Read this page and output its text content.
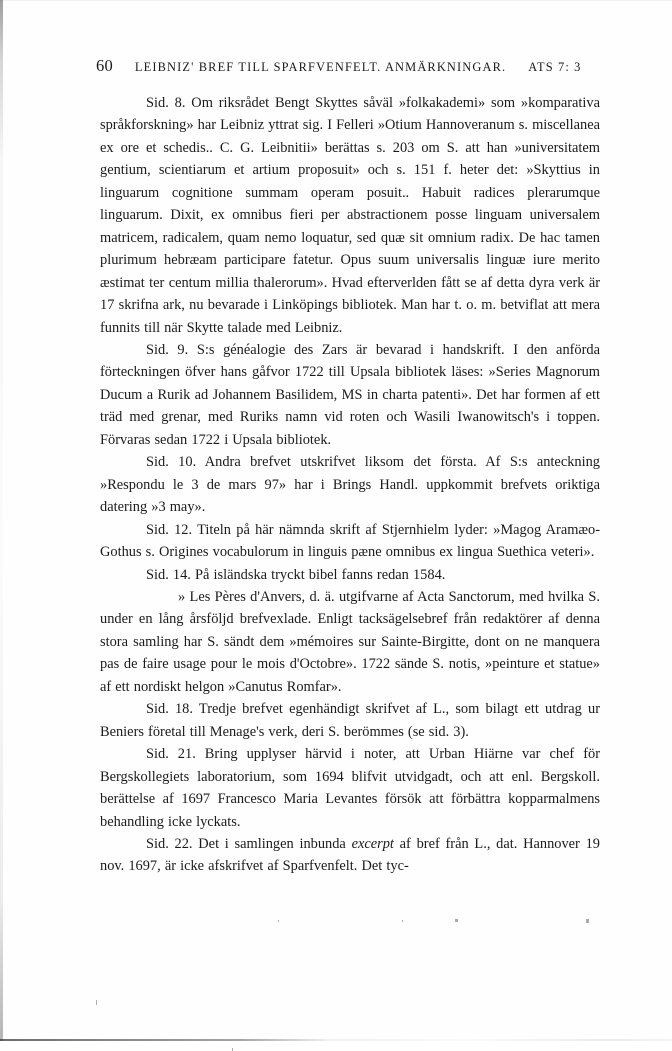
60 LEIBNIZ' BREF TILL SPARFVENFELT. ANMÄRKNINGAR. ATS 7: 3

Sid. 8. Om riksrådet Bengt Skyttes såväl »folkakademi» som »komparativa språkforskning» har Leibniz yttrat sig. I Felleri »Otium Hannoveranum s. miscellanea ex ore et schedis.. C. G. Leibnitii» berättas s. 203 om S. att han »universitatem gentium, scientiarum et artium proposuit» och s. 151 f. heter det: »Skyttius in linguarum cognitione summam operam posuit.. Habuit radices plerarumque linguarum. Dixit, ex omnibus fieri per abstractionem posse linguam universalem matricem, radicalem, quam nemo loquatur, sed quæ sit omnium radix. De hac tamen plurimum hebræam participare fatetur. Opus suum universalis linguæ iure merito æstimat ter centum millia thalerorum». Hvad efterverlden fått se af detta dyra verk är 17 skrifna ark, nu bevarade i Linköpings bibliotek. Man har t. o. m. betviflat att mera funnits till när Skytte talade med Leibniz.

Sid. 9. S:s généalogie des Zars är bevarad i handskrift. I den anförda förteckningen öfver hans gåfvor 1722 till Upsala bibliotek läses: »Series Magnorum Ducum a Rurik ad Johannem Basilidem, MS in charta patenti». Det har formen af ett träd med grenar, med Ruriks namn vid roten och Wasili Iwanowitsch's i toppen. Förvaras sedan 1722 i Upsala bibliotek.

Sid. 10. Andra brefvet utskrifvet liksom det första. Af S:s anteckning »Respondu le 3 de mars 97» har i Brings Handl. uppkommit brefvets oriktiga datering »3 may».

Sid. 12. Titeln på här nämnda skrift af Stjernhielm lyder: »Magog Aramæo-Gothus s. Origines vocabulorum in linguis pæne omnibus ex lingua Suethica veteri».

Sid. 14. På isländska tryckt bibel fanns redan 1584.

» Les Pères d'Anvers, d. ä. utgifvarne af Acta Sanctorum, med hvilka S. under en lång årsföljd brefvexlade. Enligt tacksägelsebref från redaktörer af denna stora samling har S. sändt dem »mémoires sur Sainte-Birgitte, dont on ne manquera pas de faire usage pour le mois d'Octobre». 1722 sände S. notis, »peinture et statue» af ett nordiskt helgon »Canutus Romfar».

Sid. 18. Tredje brefvet egenhändigt skrifvet af L., som bilagt ett utdrag ur Beniers företal till Menage's verk, deri S. berömmes (se sid. 3).

Sid. 21. Bring upplyser härvid i noter, att Urban Hiärne var chef för Bergskollegiets laboratorium, som 1694 blifvit utvidgadt, och att enl. Bergskoll. berättelse af 1697 Francesco Maria Levantes försök att förbättra kopparmalmens behandling icke lyckats.

Sid. 22. Det i samlingen inbunda excerpt af bref från L., dat. Hannover 19 nov. 1697, är icke afskrifvet af Sparfvenfelt. Det tyc-
